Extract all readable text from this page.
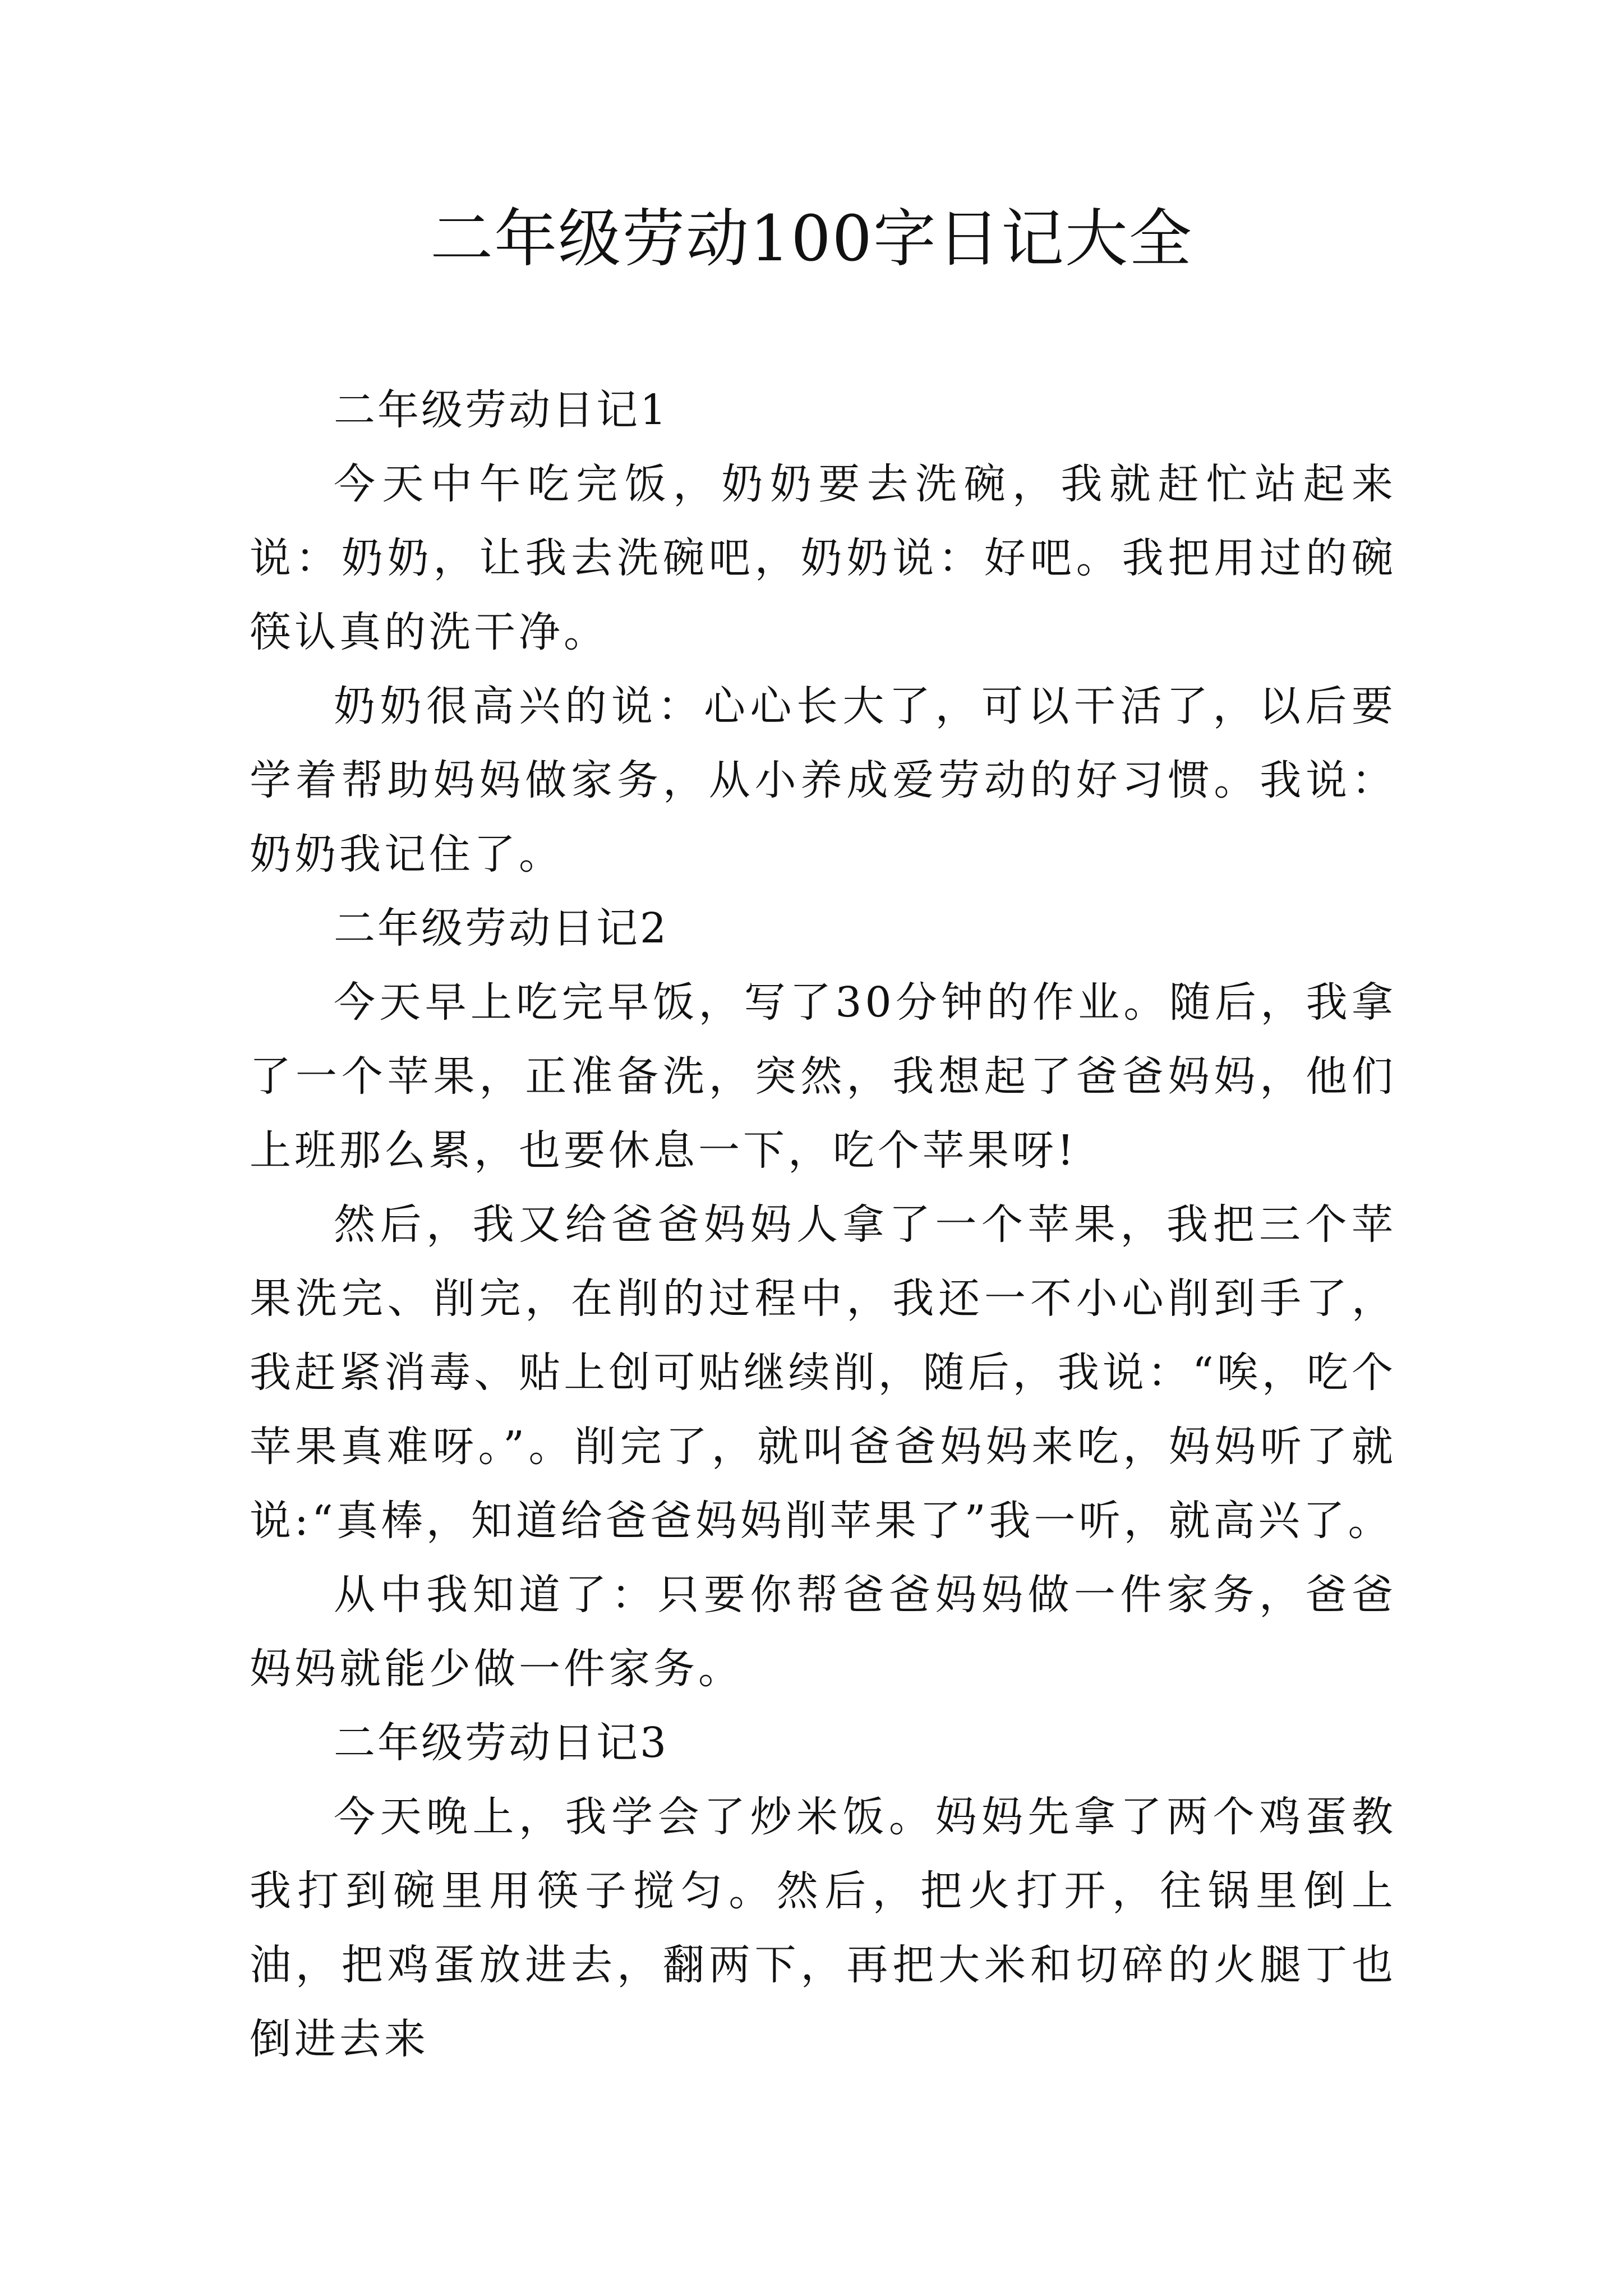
二年级劳动100字日记大全

二年级劳动日记1

今天中午吃完饭，奶奶要去洗碗，我就赶忙站起来说：奶奶，让我去洗碗吧，奶奶说：好吧。我把用过的碗筷认真的洗干净。

奶奶很高兴的说：心心长大了，可以干活了，以后要学着帮助妈妈做家务，从小养成爱劳动的好习惯。我说：奶奶我记住了。

二年级劳动日记2

今天早上吃完早饭，写了30分钟的作业。随后，我拿了一个苹果，正准备洗，突然，我想起了爸爸妈妈，他们上班那么累，也要休息一下，吃个苹果呀!

然后，我又给爸爸妈妈人拿了一个苹果，我把三个苹果洗完、削完，在削的过程中，我还一不小心削到手了，我赶紧消毒、贴上创可贴继续削，随后，我说：“唉，吃个苹果真难呀。”。削完了，就叫爸爸妈妈来吃，妈妈听了就说:“真棒，知道给爸爸妈妈削苹果了”我一听，就高兴了。

从中我知道了：只要你帮爸爸妈妈做一件家务，爸爸妈妈就能少做一件家务。

二年级劳动日记3

今天晚上，我学会了炒米饭。妈妈先拿了两个鸡蛋教我打到碗里用筷子搅匀。然后，把火打开，往锅里倒上油，把鸡蛋放进去，翻两下，再把大米和切碎的火腿丁也倒进去来
